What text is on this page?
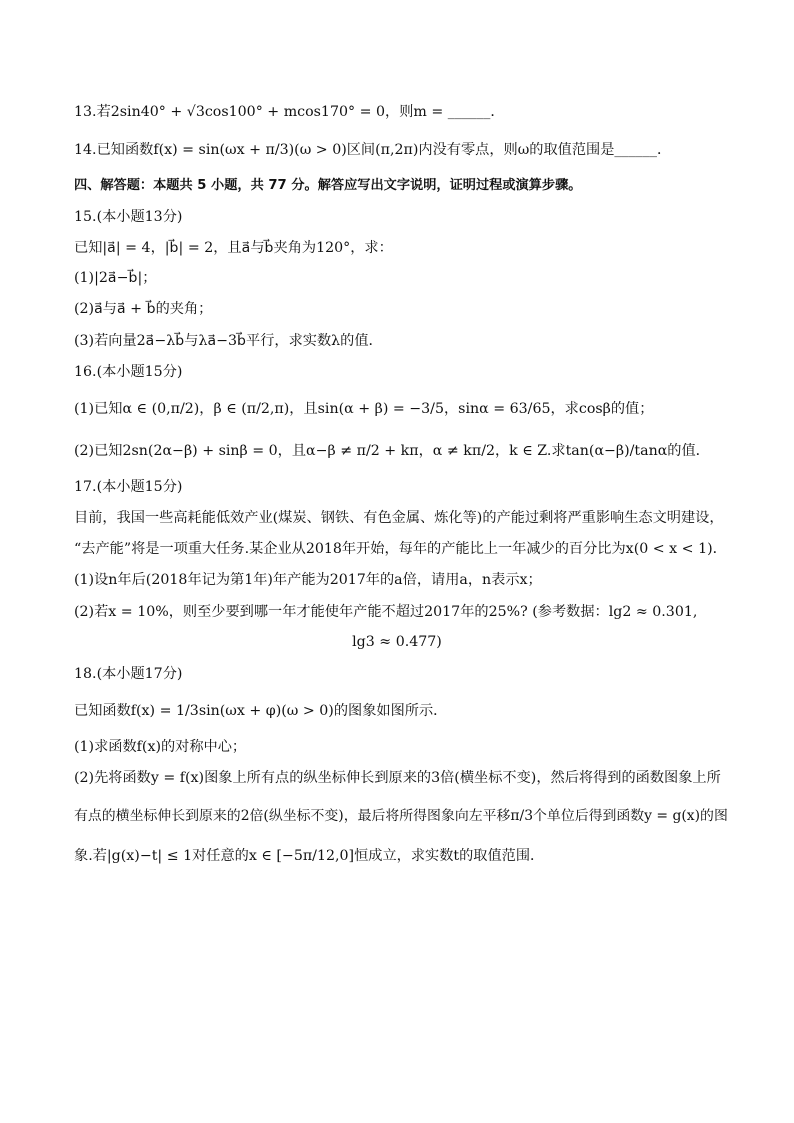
13.若2sin40° + √3cos100° + mcos170° = 0，则m = ______．
14.已知函数f(x) = sin(ωx + π/3)(ω > 0)区间(π,2π)内没有零点，则ω的取值范围是______．
四、解答题：本题共 5 小题，共 77 分。解答应写出文字说明，证明过程或演算步骤。
15.(本小题13分)
已知|a⃗| = 4，|b⃗| = 2，且a⃗与b⃗夹角为120°，求：
(1)|2a⃗−b⃗|；
(2)a⃗与a⃗ + b⃗的夹角；
(3)若向量2a⃗−λb⃗与λa⃗−3b⃗平行，求实数λ的值．
16.(本小题15分)
(1)已知α ∈ (0,π/2)，β ∈ (π/2,π)，且sin(α + β) = −3/5，sinα = 63/65，求cosβ的值；
(2)已知2sn(2α−β) + sinβ = 0，且α−β ≠ π/2 + kπ，α ≠ kπ/2，k ∈ Z.求tan(α−β)/tanα的值．
17.(本小题15分)
目前，我国一些高耗能低效产业(煤炭、钢铁、有色金属、炼化等)的产能过剩将严重影响生态文明建设，
“去产能”将是一项重大任务.某企业从2018年开始，每年的产能比上一年减少的百分比为x(0 < x < 1)．
(1)设n年后(2018年记为第1年)年产能为2017年的a倍，请用a，n表示x；
(2)若x = 10%，则至少要到哪一年才能使年产能不超过2017年的25%? (参考数据：lg2 ≈ 0.301,
lg3 ≈ 0.477)
18.(本小题17分)
已知函数f(x) = 1/3sin(ωx + φ)(ω > 0)的图象如图所示．
(1)求函数f(x)的对称中心；
(2)先将函数y = f(x)图象上所有点的纵坐标伸长到原来的3倍(横坐标不变)，然后将得到的函数图象上所
有点的横坐标伸长到原来的2倍(纵坐标不变)，最后将所得图象向左平移π/3个单位后得到函数y = g(x)的图
象.若|g(x)−t| ≤ 1对任意的x ∈ [−5π/12,0]恒成立，求实数t的取值范围．
